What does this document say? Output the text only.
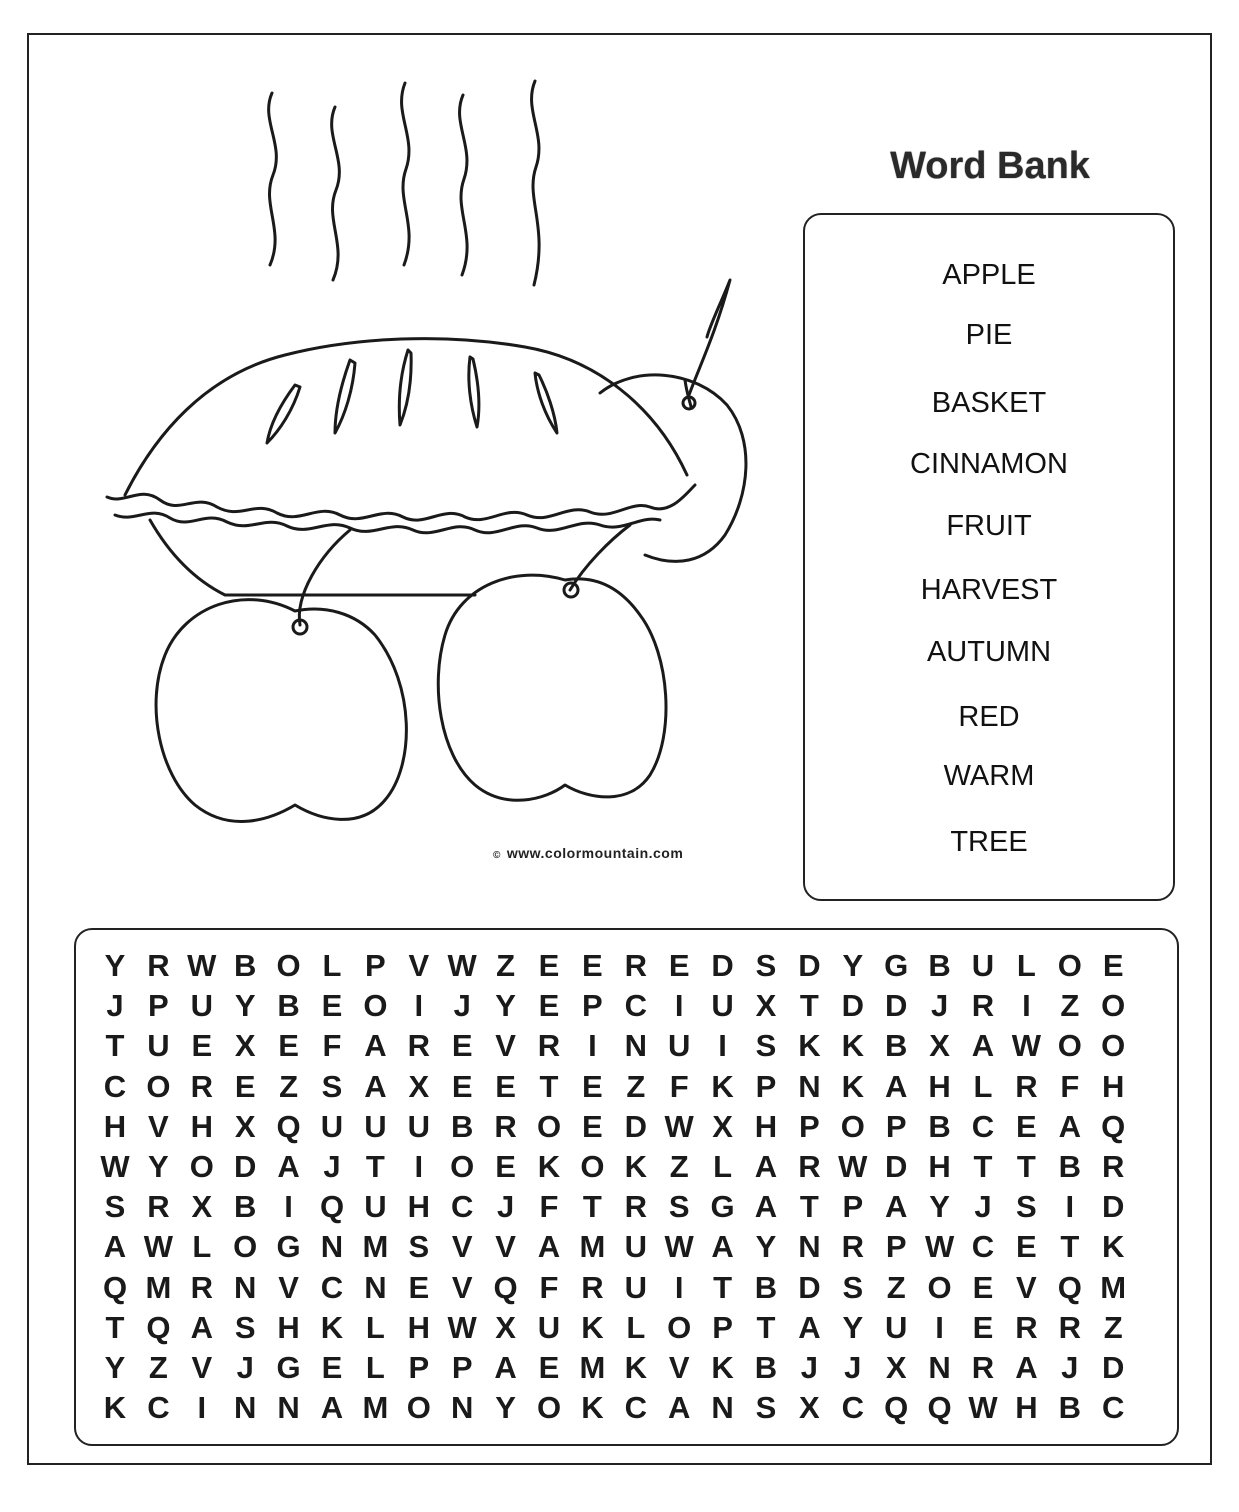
© www.colormountain.com
Word Bank
APPLE
PIE
BASKET
CINNAMON
FRUIT
HARVEST
AUTUMN
RED
WARM
TREE
Y R W B O L P V W Z E E R E D S D Y G B U L O E
J P U Y B E O I J Y E P C I U X T D D J R I Z O
T U E X E F A R E V R I N U I S K K B X A W O O
C O R E Z S A X E E T E Z F K P N K A H L R F H
H V H X Q U U U B R O E D W X H P O P B C E A Q
W Y O D A J T I O E K O K Z L A R W D H T T B R
S R X B I Q U H C J F T R S G A T P A Y J S I D
A W L O G N M S V V A M U W A Y N R P W C E T K
Q M R N V C N E V Q F R U I T B D S Z O E V Q M
T Q A S H K L H W X U K L O P T A Y U I E R R Z
Y Z V J G E L P P A E M K V K B J J X N R A J D
K C I N N A M O N Y O K C A N S X C Q Q W H B C
